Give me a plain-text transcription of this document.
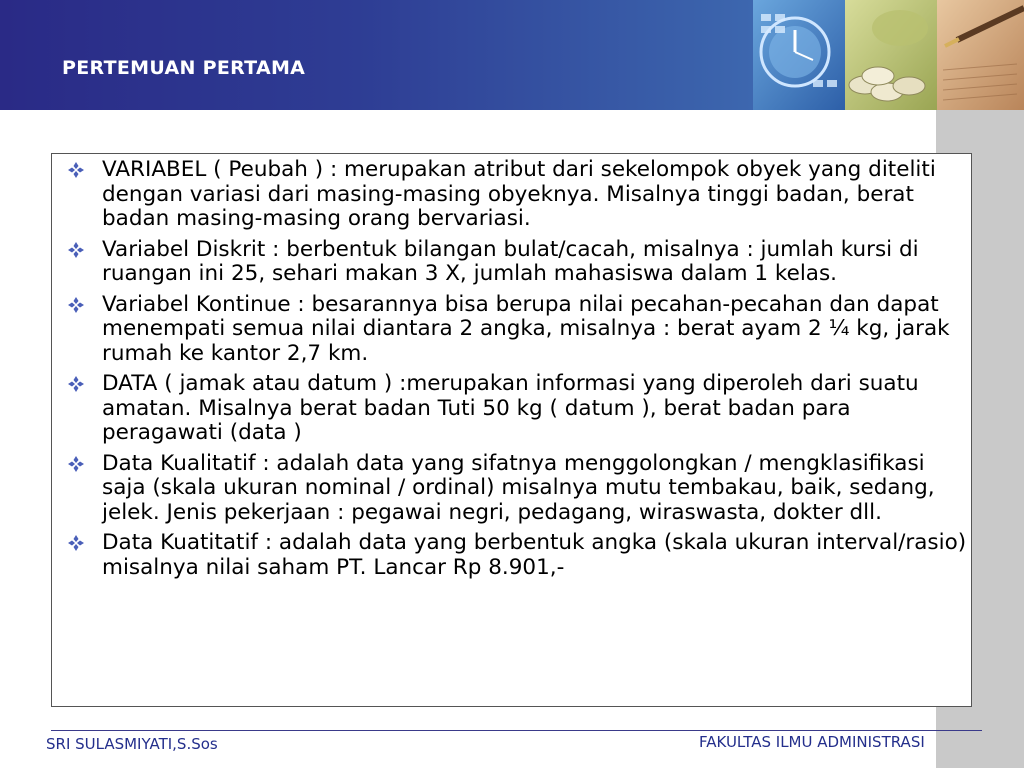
PERTEMUAN PERTAMA
VARIABEL ( Peubah ) : merupakan atribut dari sekelompok obyek yang diteliti dengan variasi dari masing-masing obyeknya. Misalnya tinggi badan, berat badan masing-masing orang bervariasi.
Variabel Diskrit : berbentuk bilangan bulat/cacah, misalnya : jumlah kursi di ruangan ini 25, sehari makan 3 X, jumlah mahasiswa dalam 1 kelas.
Variabel Kontinue : besarannya bisa berupa nilai pecahan-pecahan dan dapat menempati semua nilai diantara 2 angka, misalnya : berat ayam 2 ¼ kg, jarak rumah ke kantor 2,7 km.
DATA ( jamak atau datum ) :merupakan informasi yang diperoleh dari suatu amatan. Misalnya berat badan Tuti 50 kg ( datum ), berat badan para peragawati (data )
Data Kualitatif : adalah data yang sifatnya menggolongkan / mengklasifikasi saja (skala ukuran nominal / ordinal) misalnya mutu tembakau, baik, sedang, jelek. Jenis pekerjaan : pegawai negri, pedagang, wiraswasta, dokter dll.
Data Kuatitatif : adalah data yang berbentuk angka (skala ukuran interval/rasio) misalnya nilai saham PT. Lancar Rp 8.901,-
SRI SULASMIYATI,S.Sos	FAKULTAS ILMU ADMINISTRASI
